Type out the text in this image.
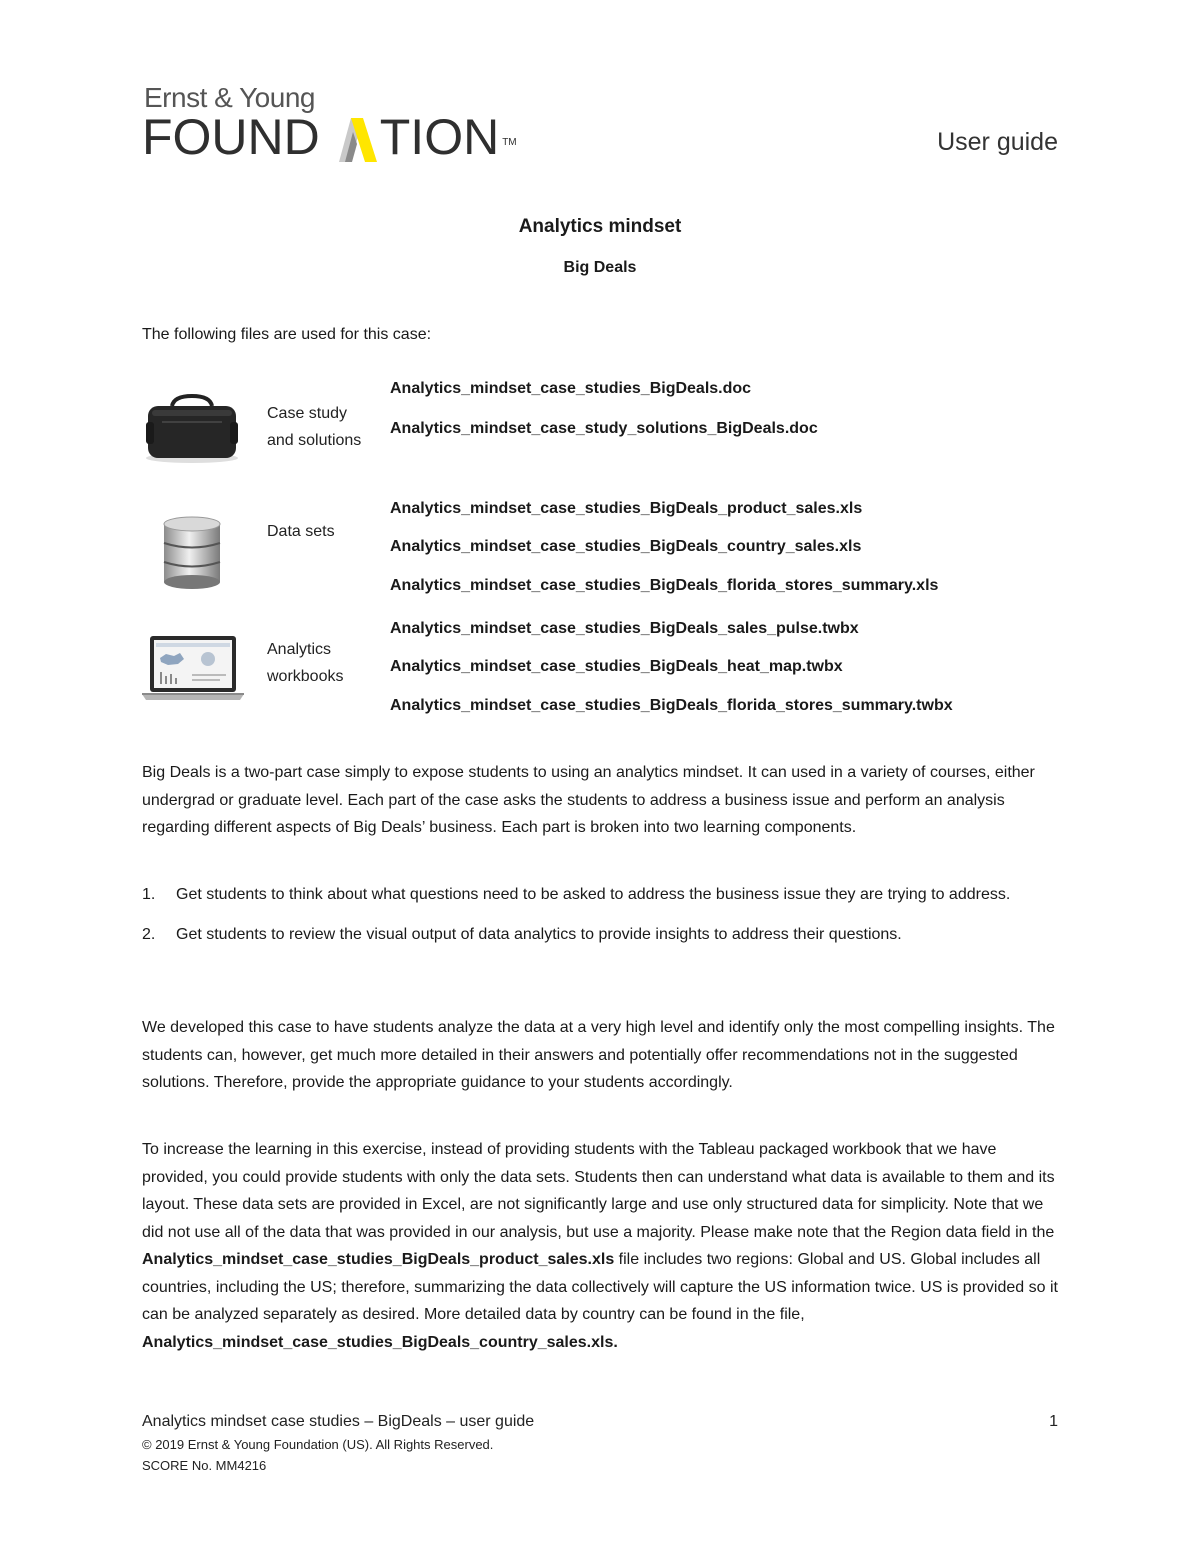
Ernst & Young
FOUND TION TM	User guide
Analytics mindset
Big Deals

The following files are used for this case:

Case study and solutions
Analytics_mindset_case_studies_BigDeals.doc
Analytics_mindset_case_study_solutions_BigDeals.doc
Data sets
Analytics_mindset_case_studies_BigDeals_product_sales.xls
Analytics_mindset_case_studies_BigDeals_country_sales.xls
Analytics_mindset_case_studies_BigDeals_florida_stores_summary.xls
Analytics workbooks
Analytics_mindset_case_studies_BigDeals_sales_pulse.twbx
Analytics_mindset_case_studies_BigDeals_heat_map.twbx
Analytics_mindset_case_studies_BigDeals_florida_stores_summary.twbx

Big Deals is a two-part case simply to expose students to using an analytics mindset. It can used in a variety of courses, either undergrad or graduate level. Each part of the case asks the students to address a business issue and perform an analysis regarding different aspects of Big Deals’ business. Each part is broken into two learning components.

1. Get students to think about what questions need to be asked to address the business issue they are trying to address.
2. Get students to review the visual output of data analytics to provide insights to address their questions.

We developed this case to have students analyze the data at a very high level and identify only the most compelling insights. The students can, however, get much more detailed in their answers and potentially offer recommendations not in the suggested solutions. Therefore, provide the appropriate guidance to your students accordingly.

To increase the learning in this exercise, instead of providing students with the Tableau packaged workbook that we have provided, you could provide students with only the data sets. Students then can understand what data is available to them and its layout. These data sets are provided in Excel, are not significantly large and use only structured data for simplicity. Note that we did not use all of the data that was provided in our analysis, but use a majority. Please make note that the Region data field in the Analytics_mindset_case_studies_BigDeals_product_sales.xls file includes two regions: Global and US. Global includes all countries, including the US; therefore, summarizing the data collectively will capture the US information twice. US is provided so it can be analyzed separately as desired. More detailed data by country can be found in the file,
Analytics_mindset_case_studies_BigDeals_country_sales.xls.

Analytics mindset case studies – BigDeals – user guide	1
© 2019 Ernst & Young Foundation (US). All Rights Reserved.
SCORE No. MM4216
